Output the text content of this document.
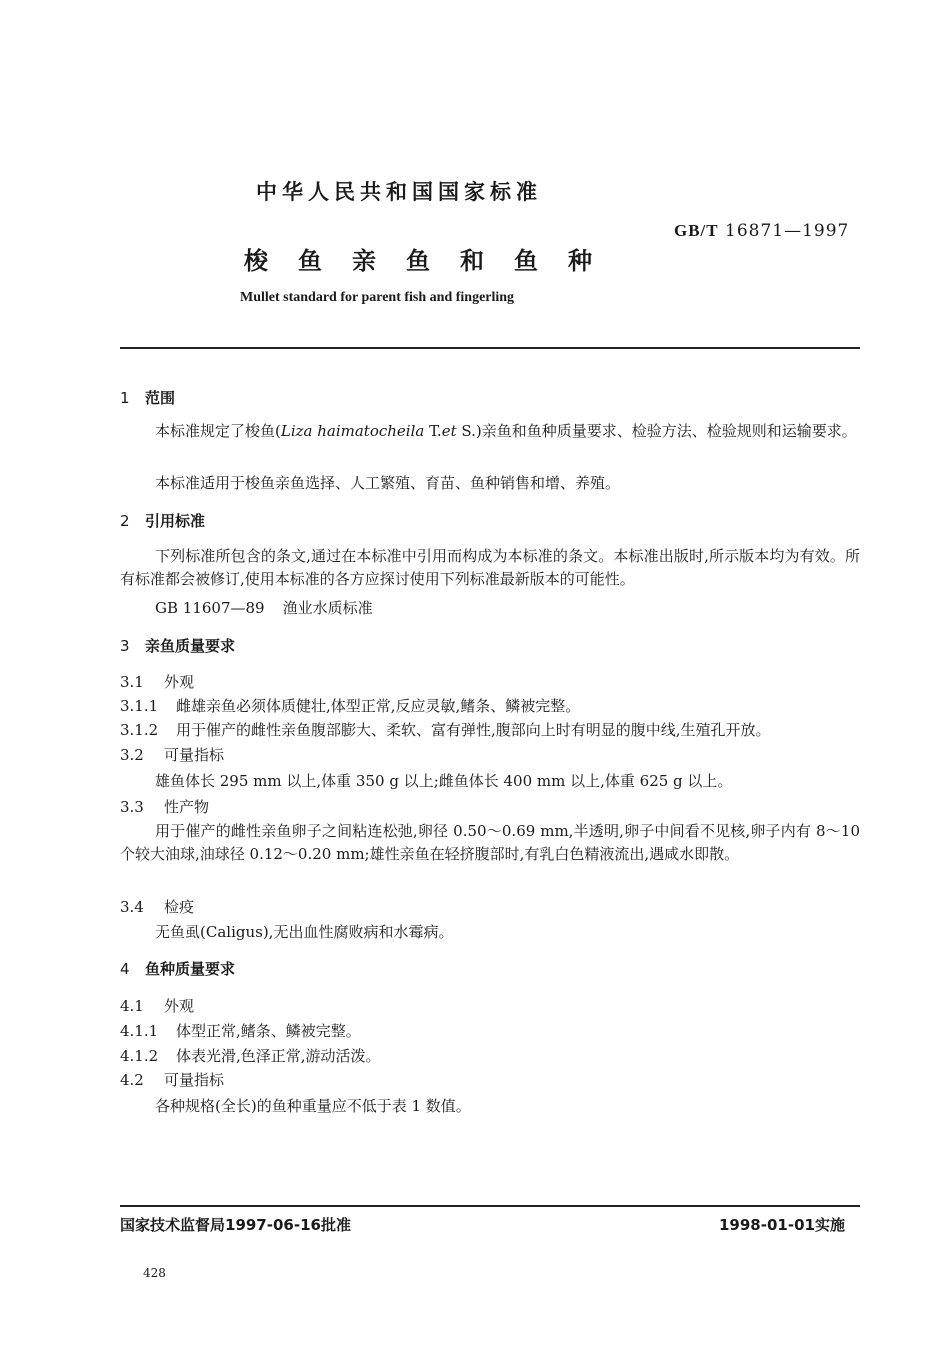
中华人民共和国国家标准
GB/T 16871—1997
梭鱼亲鱼和鱼种
Mullet standard for parent fish and fingerling
1 范围
本标准规定了梭鱼(Liza haimatocheila T.et S.)亲鱼和鱼种质量要求、检验方法、检验规则和运输要求。
本标准适用于梭鱼亲鱼选择、人工繁殖、育苗、鱼种销售和增、养殖。
2 引用标准
下列标准所包含的条文,通过在本标准中引用而构成为本标准的条文。本标准出版时,所示版本均为有效。所有标准都会被修订,使用本标准的各方应探讨使用下列标准最新版本的可能性。
GB 11607—89 渔业水质标准
3 亲鱼质量要求
3.1 外观
3.1.1 雌雄亲鱼必须体质健壮,体型正常,反应灵敏,鳍条、鳞被完整。
3.1.2 用于催产的雌性亲鱼腹部膨大、柔软、富有弹性,腹部向上时有明显的腹中线,生殖孔开放。
3.2 可量指标
雄鱼体长 295 mm 以上,体重 350 g 以上;雌鱼体长 400 mm 以上,体重 625 g 以上。
3.3 性产物
用于催产的雌性亲鱼卵子之间粘连松弛,卵径 0.50～0.69 mm,半透明,卵子中间看不见核,卵子内有 8～10 个较大油球,油球径 0.12～0.20 mm;雄性亲鱼在轻挤腹部时,有乳白色精液流出,遇咸水即散。
3.4 检疫
无鱼虱(Caligus),无出血性腐败病和水霉病。
4 鱼种质量要求
4.1 外观
4.1.1 体型正常,鳍条、鳞被完整。
4.1.2 体表光滑,色泽正常,游动活泼。
4.2 可量指标
各种规格(全长)的鱼种重量应不低于表 1 数值。
国家技术监督局1997-06-16批准	1998-01-01实施
428
